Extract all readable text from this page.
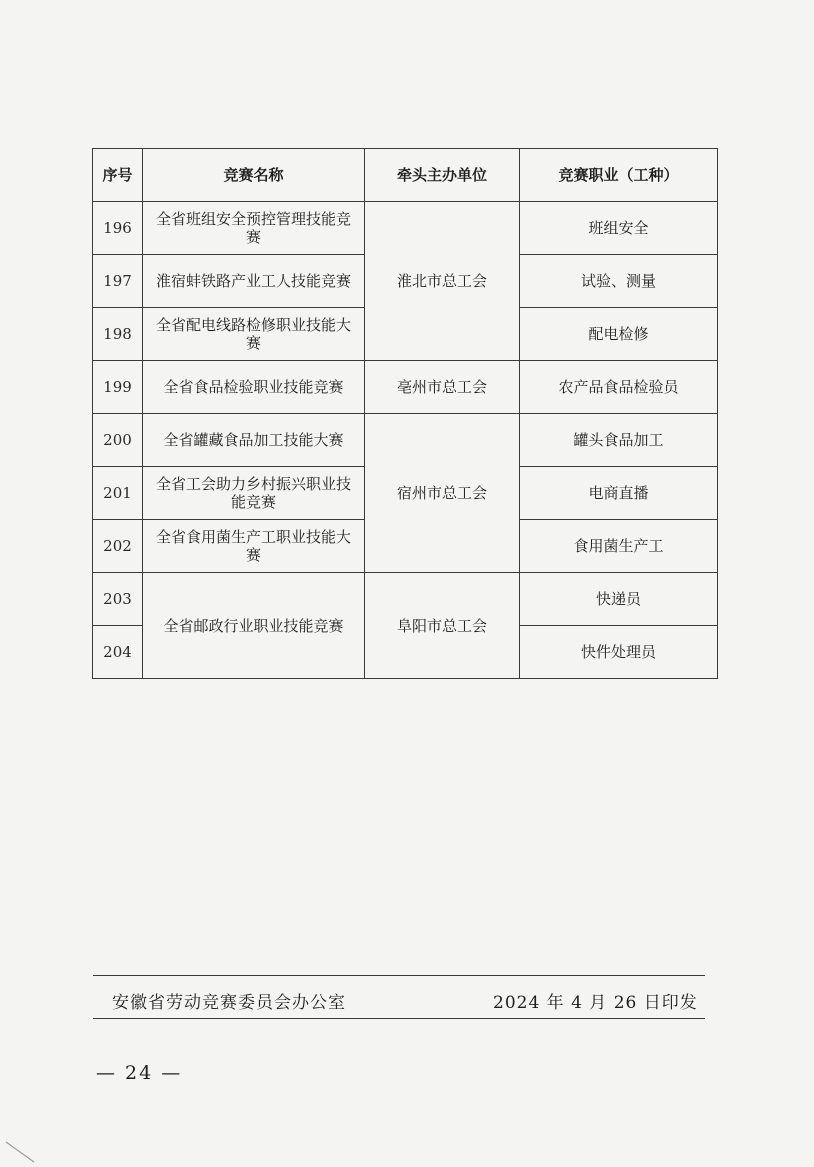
序号	竞赛名称	牵头主办单位	竞赛职业（工种）
196	全省班组安全预控管理技能竞赛	淮北市总工会	班组安全
197	淮宿蚌铁路产业工人技能竞赛		试验、测量
198	全省配电线路检修职业技能大赛		配电检修
199	全省食品检验职业技能竞赛	亳州市总工会	农产品食品检验员
200	全省罐藏食品加工技能大赛	宿州市总工会	罐头食品加工
201	全省工会助力乡村振兴职业技能竞赛		电商直播
202	全省食用菌生产工职业技能大赛		食用菌生产工
203	全省邮政行业职业技能竞赛	阜阳市总工会	快递员
204			快件处理员
安徽省劳动竞赛委员会办公室	2024 年 4 月 26 日印发
— 24 —
